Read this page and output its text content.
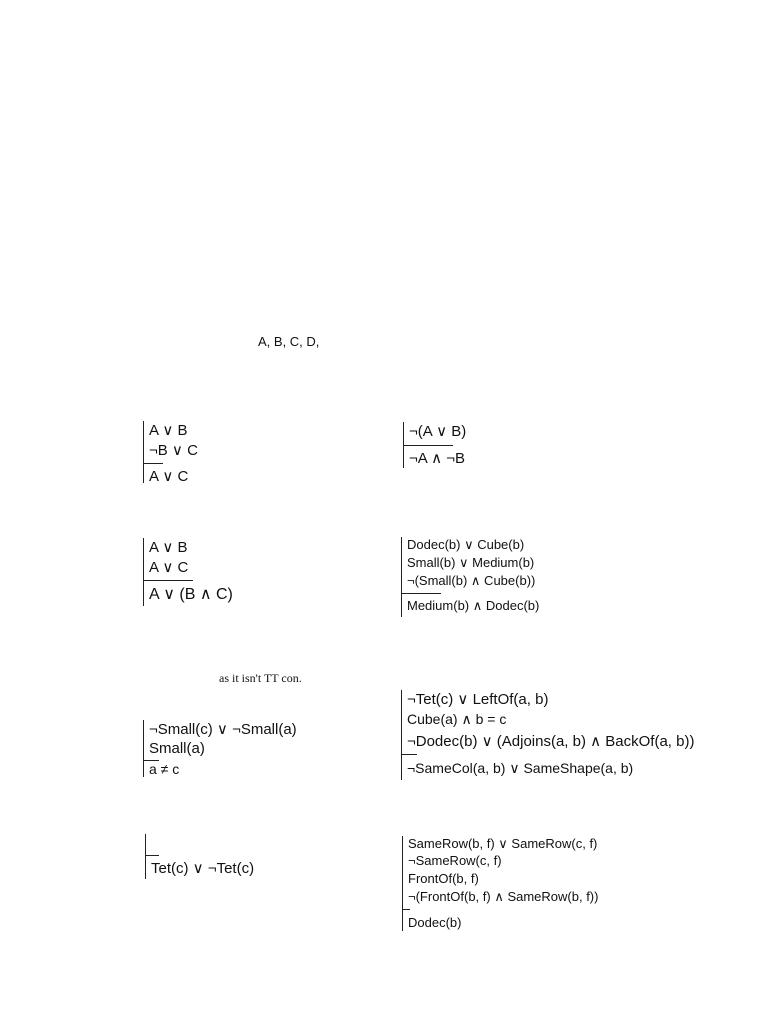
A, B, C, D,
A ∨ B
¬B ∨ C
A ∨ C
¬(A ∨ B)
¬A ∧ ¬B
A ∨ B
A ∨ C
A ∨ (B ∧ C)
Dodec(b) ∨ Cube(b)
Small(b) ∨ Medium(b)
¬(Small(b) ∧ Cube(b))
Medium(b) ∧ Dodec(b)
as it isn't TT con.
¬Small(c) ∨ ¬Small(a)
Small(a)
a ≠ c
¬Tet(c) ∨ LeftOf(a, b)
Cube(a) ∧ b = c
¬Dodec(b) ∨ (Adjoins(a, b) ∧ BackOf(a, b))
¬SameCol(a, b) ∨ SameShape(a, b)
Tet(c) ∨ ¬Tet(c)
SameRow(b, f) ∨ SameRow(c, f)
¬SameRow(c, f)
FrontOf(b, f)
¬(FrontOf(b, f) ∧ SameRow(b, f))
Dodec(b)
